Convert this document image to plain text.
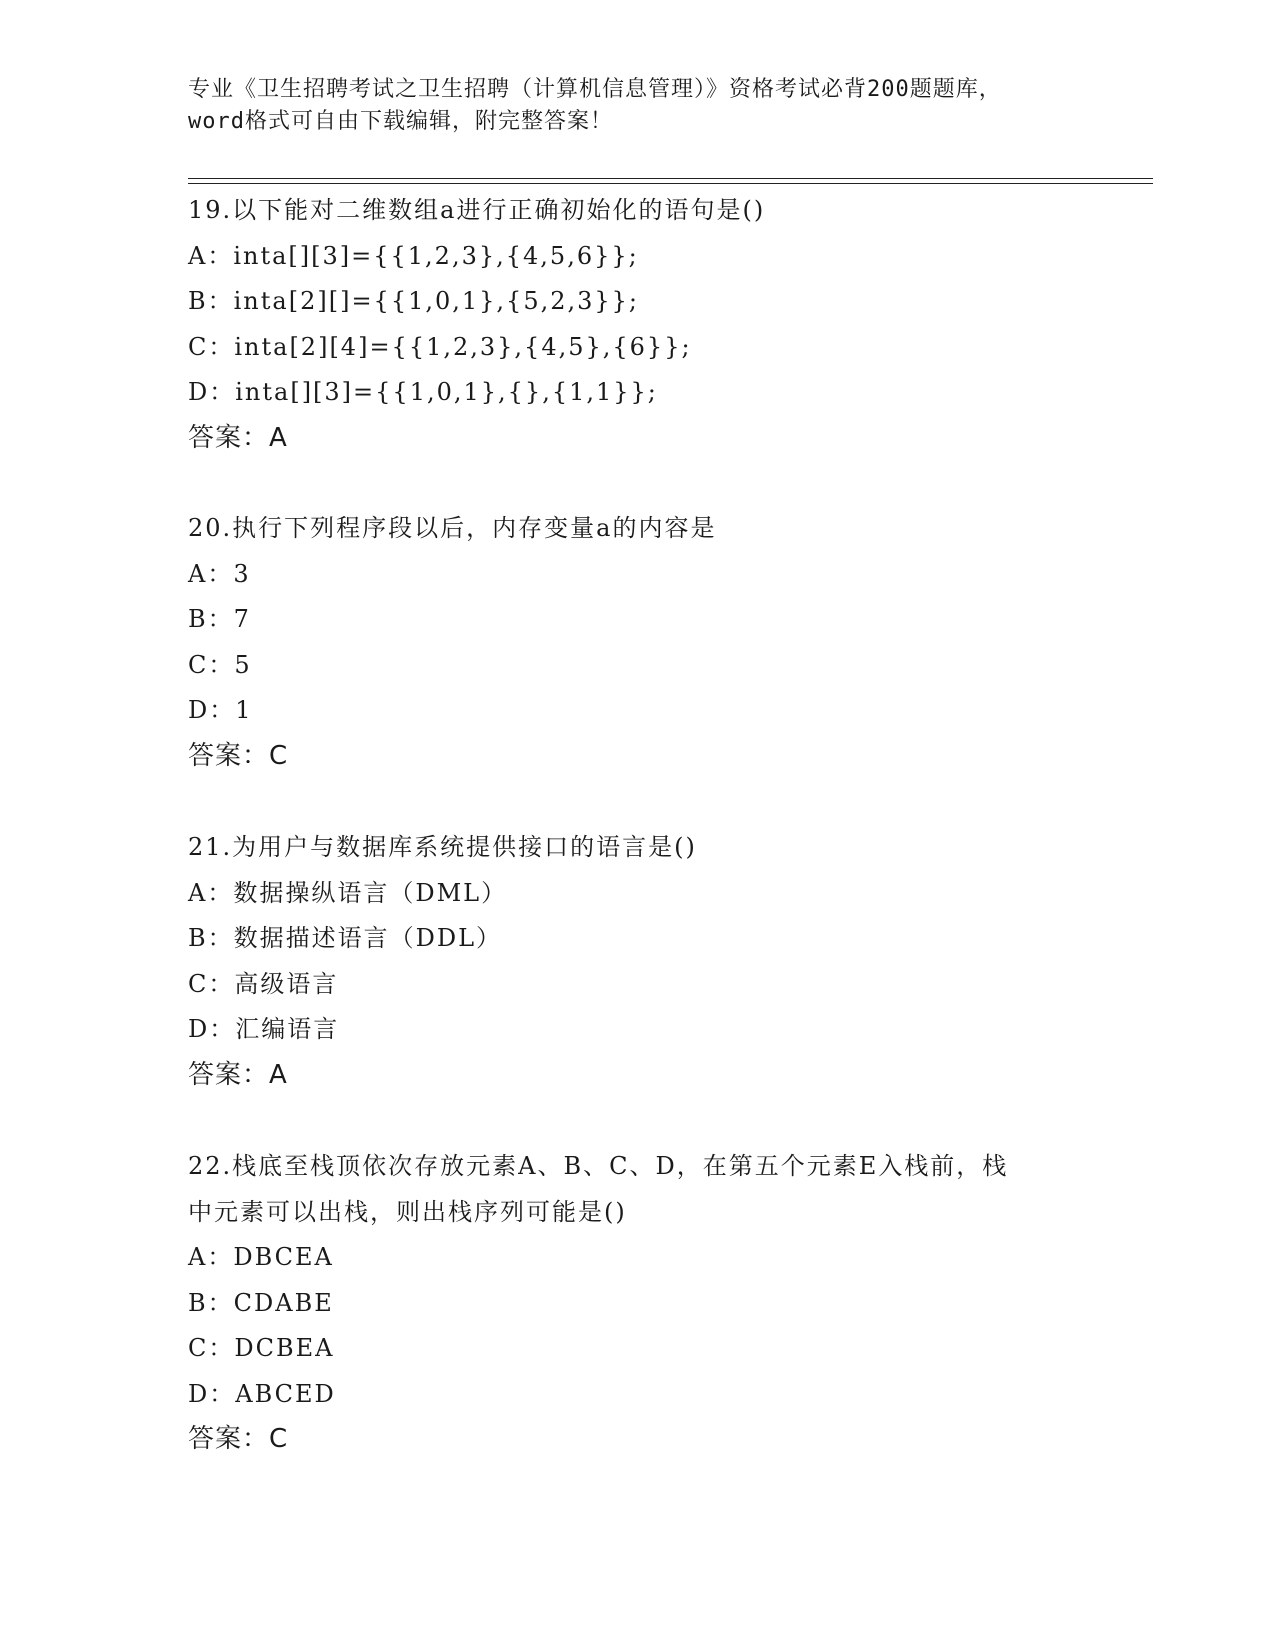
专业《卫生招聘考试之卫生招聘（计算机信息管理）》资格考试必背200题题库，

word格式可自由下载编辑，附完整答案！

19.以下能对二维数组a进行正确初始化的语句是()
A：inta[][3]={{1,2,3},{4,5,6}};
B：inta[2][]={{1,0,1},{5,2,3}};
C：inta[2][4]={{1,2,3},{4,5},{6}};
D：inta[][3]={{1,0,1},{},{1,1}};
答案：A
20.执行下列程序段以后，内存变量a的内容是
A：3
B：7
C：5
D：1
答案：C
21.为用户与数据库系统提供接口的语言是()
A：数据操纵语言（DML）
B：数据描述语言（DDL）
C：高级语言
D：汇编语言
答案：A
22.栈底至栈顶依次存放元素A、B、C、D，在第五个元素E入栈前，栈
中元素可以出栈，则出栈序列可能是()
A：DBCEA
B：CDABE
C：DCBEA
D：ABCED
答案：C
